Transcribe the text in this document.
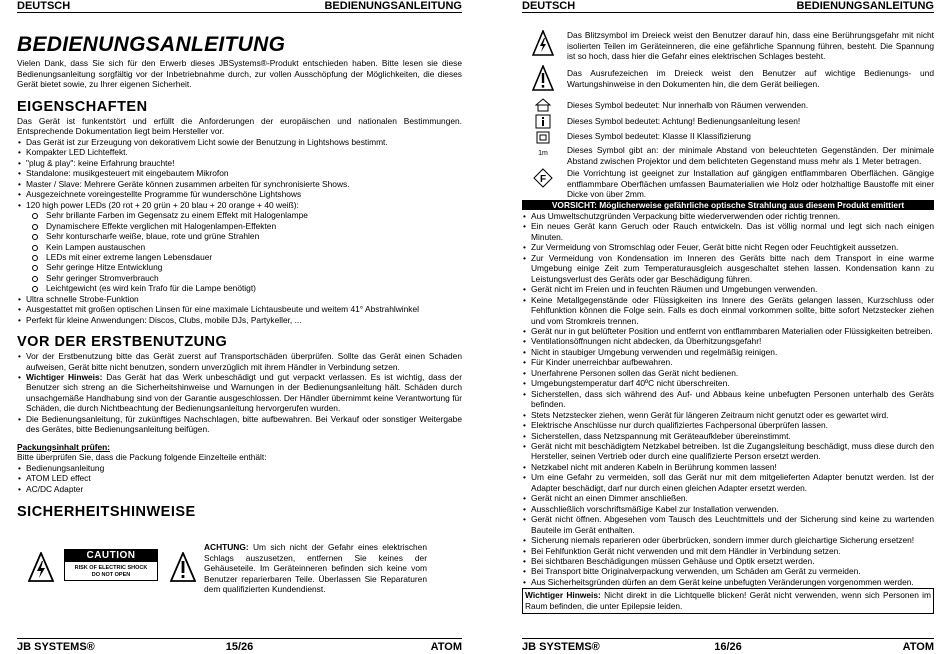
DEUTSCH	BEDIENUNGSANLEITUNG
BEDIENUNGSANLEITUNG
Vielen Dank, dass Sie sich für den Erwerb dieses JBSystems®-Produkt entschieden haben. Bitte lesen sie diese Bedienungsanleitung sorgfältig vor der Inbetriebnahme durch, zur vollen Ausschöpfung der Möglichkeiten, die dieses Gerät bietet sowie, zu Ihrer eigenen Sicherheit.
EIGENSCHAFTEN
Das Gerät ist funkentstört und erfüllt die Anforderungen der europäischen und nationalen Bestimmungen. Entsprechende Dokumentation liegt beim Hersteller vor.
• Das Gerät ist zur Erzeugung von dekorativem Licht sowie der Benutzung in Lightshows bestimmt.
• Kompakter LED Lichteffekt.
• "plug & play": keine Erfahrung brauchte!
• Standalone: musikgesteuert mit eingebautem Mikrofon
• Master / Slave: Mehrere Geräte können zusammen arbeiten für synchronisierte Shows.
• Ausgezeichnete voreingestellte Programme für wunderschöne Lightshows
• 120 high power LEDs (20 rot + 20 grün + 20 blau + 20 orange + 40 weiß):
Sehr brillante Farben im Gegensatz zu einem Effekt mit Halogenlampe
Dynamischere Effekte verglichen mit Halogenlampen-Effekten
Sehr konturscharfe weiße, blaue, rote und grüne Strahlen
Kein Lampen austauschen
LEDs mit einer extreme langen Lebensdauer
Sehr geringe Hitze Entwicklung
Sehr geringer Stromverbrauch
Leichtgewicht (es wird kein Trafo für die Lampe benötigt)
• Ultra schnelle Strobe-Funktion
• Ausgestattet mit großen optischen Linsen für eine maximale Lichtausbeute und weitem 41° Abstrahlwinkel
• Perfekt für kleine Anwendungen: Discos, Clubs, mobile DJs, Partykeller, ...
VOR DER ERSTBENUTZUNG
• Vor der Erstbenutzung bitte das Gerät zuerst auf Transportschäden überprüfen. Sollte das Gerät einen Schaden aufweisen, Gerät bitte nicht benutzen, sondern unverzüglich mit ihrem Händler in Verbindung setzen.
• Wichtiger Hinweis: Das Gerät hat das Werk unbeschädigt und gut verpackt verlassen. Es ist wichtig, dass der Benutzer sich streng an die Sicherheitshinweise und Warnungen in der Bedienungsanleitung hält. Schäden durch unsachgemäße Handhabung sind von der Garantie ausgeschlossen. Der Händler übernimmt keine Verantwortung für Schäden, die durch Nichtbeachtung der Bedienungsanleitung hervorgerufen wurden.
• Die Bedienungsanleitung, für zukünftiges Nachschlagen, bitte aufbewahren. Bei Verkauf oder sonstiger Weitergabe des Gerätes, bitte Bedienungsanleitung beifügen.
Packungsinhalt prüfen:
Bitte überprüfen Sie, dass die Packung folgende Einzelteile enthält:
• Bedienungsanleitung
• ATOM LED effect
• AC/DC Adapter
SICHERHEITSHINWEISE
CAUTION
RISK OF ELECTRIC SHOCK
DO NOT OPEN
ACHTUNG: Um sich nicht der Gefahr eines elektrischen Schlags auszusetzen, entfernen Sie keines der Gehäuseteile. Im Geräteinneren befinden sich keine vom Benutzer reparierbaren Teile. Überlassen Sie Reparaturen dem qualifizierten Kundendienst.
JB SYSTEMS®	15/26	ATOM
DEUTSCH	BEDIENUNGSANLEITUNG
Das Blitzsymbol im Dreieck weist den Benutzer darauf hin, dass eine Berührungsgefahr mit nicht isolierten Teilen im Geräteinneren, die eine gefährliche Spannung führen, besteht. Die Spannung ist so hoch, dass hier die Gefahr eines elektrischen Schlages besteht.
Das Ausrufezeichen im Dreieck weist den Benutzer auf wichtige Bedienungs- und Wartungshinweise in den Dokumenten hin, die dem Gerät beiliegen.
Dieses Symbol bedeutet: Nur innerhalb von Räumen verwenden.
Dieses Symbol bedeutet: Achtung! Bedienungsanleitung lesen!
Dieses Symbol bedeutet: Klasse II Klassifizierung
1m Dieses Symbol gibt an: der minimale Abstand von beleuchteten Gegenständen. Der minimale Abstand zwischen Projektor und dem belichteten Gegenstand muss mehr als 1 Meter betragen.
F
Die Vorrichtung ist geeignet zur Installation auf gängigen entflammbaren Oberflächen. Gängige entflammbare Oberflächen umfassen Baumaterialien wie Holz oder holzhaltige Baustoffe mit einer Dicke von über 2mm.
VORSICHT: Möglicherweise gefährliche optische Strahlung aus diesem Produkt emittiert
• Aus Umweltschutzgründen Verpackung bitte wiederverwenden oder richtig trennen.
• Ein neues Gerät kann Geruch oder Rauch entwickeln. Das ist völlig normal und legt sich nach einigen Minuten.
• Zur Vermeidung von Stromschlag oder Feuer, Gerät bitte nicht Regen oder Feuchtigkeit aussetzen.
• Zur Vermeidung von Kondensation im Inneren des Geräts bitte nach dem Transport in eine warme Umgebung einige Zeit zum Temperaturausgleich ausgeschaltet stehen lassen. Kondensation kann zu Leistungsverlust des Geräts oder gar Beschädigung führen.
• Gerät nicht im Freien und in feuchten Räumen und Umgebungen verwenden.
• Keine Metallgegenstände oder Flüssigkeiten ins Innere des Geräts gelangen lassen, Kurzschluss oder Fehlfunktion können die Folge sein. Falls es doch einmal vorkommen sollte, bitte sofort Netzstecker ziehen und vom Stromkreis trennen.
• Gerät nur in gut belüfteter Position und entfernt von entflammbaren Materialien oder Flüssigkeiten betreiben.
• Ventilationsöffnungen nicht abdecken, da Überhitzungsgefahr!
• Nicht in staubiger Umgebung verwenden und regelmäßig reinigen.
• Für Kinder unerreichbar aufbewahren.
• Unerfahrene Personen sollen das Gerät nicht bedienen.
• Umgebungstemperatur darf 40ºC nicht überschreiten.
• Sicherstellen, dass sich während des Auf- und Abbaus keine unbefugten Personen unterhalb des Geräts befinden.
• Stets Netzstecker ziehen, wenn Gerät für längeren Zeitraum nicht genutzt oder es gewartet wird.
• Elektrische Anschlüsse nur durch qualifiziertes Fachpersonal überprüfen lassen.
• Sicherstellen, dass Netzspannung mit Geräteaufkleber übereinstimmt.
• Gerät nicht mit beschädigtem Netzkabel betreiben. Ist die Zugangsleitung beschädigt, muss diese durch den Hersteller, seinen Vertrieb oder durch eine qualifizierte Person ersetzt werden.
• Netzkabel nicht mit anderen Kabeln in Berührung kommen lassen!
• Um eine Gefahr zu vermeiden, soll das Gerät nur mit dem mitgelieferten Adapter benutzt werden. Ist der Adapter beschädigt, darf nur durch einen gleichen Adapter ersetzt werden.
• Gerät nicht an einen Dimmer anschließen.
• Ausschließlich vorschriftsmäßige Kabel zur Installation verwenden.
• Gerät nicht öffnen. Abgesehen vom Tausch des Leuchtmittels und der Sicherung sind keine zu wartenden Bauteile im Gerät enthalten.
• Sicherung niemals reparieren oder überbrücken, sondern immer durch gleichartige Sicherung ersetzen!
• Bei Fehlfunktion Gerät nicht verwenden und mit dem Händler in Verbindung setzen.
• Bei sichtbaren Beschädigungen müssen Gehäuse und Optik ersetzt werden.
• Bei Transport bitte Originalverpackung verwenden, um Schäden am Gerät zu vermeiden.
• Aus Sicherheitsgründen dürfen an dem Gerät keine unbefugten Veränderungen vorgenommen werden.
Wichtiger Hinweis: Nicht direkt in die Lichtquelle blicken! Gerät nicht verwenden, wenn sich Personen im Raum befinden, die unter Epilepsie leiden.
JB SYSTEMS®	16/26	ATOM
